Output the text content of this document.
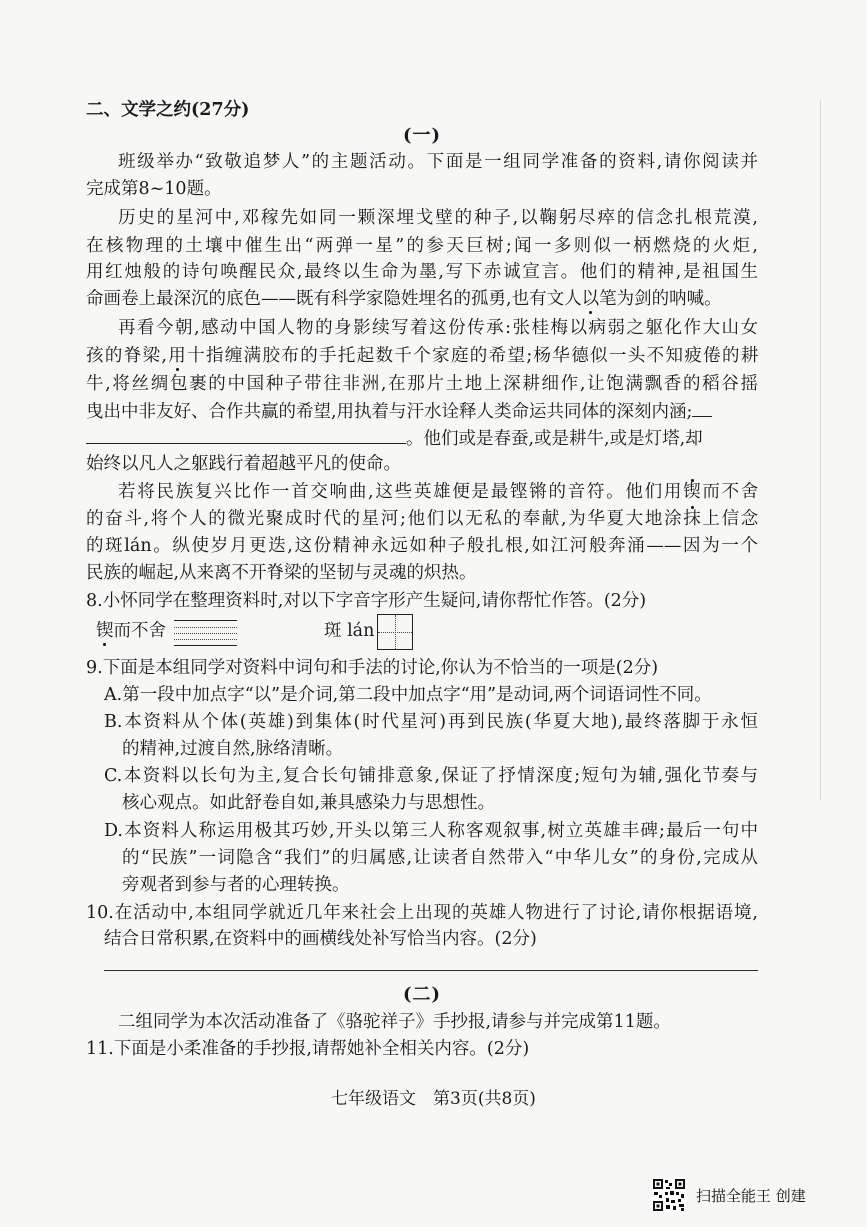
二、文学之约(27分)
(一)
班级举办“致敬追梦人”的主题活动。下面是一组同学准备的资料,请你阅读并
完成第8~10题。
历史的星河中,邓稼先如同一颗深埋戈壁的种子,以鞠躬尽瘁的信念扎根荒漠,
在核物理的土壤中催生出“两弹一星”的参天巨树;闻一多则似一柄燃烧的火炬,
用红烛般的诗句唤醒民众,最终以生命为墨,写下赤诚宣言。他们的精神,是祖国生
命画卷上最深沉的底色——既有科学家隐姓埋名的孤勇,也有文人以笔为剑的呐喊。
再看今朝,感动中国人物的身影续写着这份传承:张桂梅以病弱之躯化作大山女
孩的脊梁,用十指缠满胶布的手托起数千个家庭的希望;杨华德似一头不知疲倦的耕
牛,将丝绸包裹的中国种子带往非洲,在那片土地上深耕细作,让饱满飘香的稻谷摇
曳出中非友好、合作共赢的希望,用执着与汗水诠释人类命运共同体的深刻内涵;
。他们或是春蚕,或是耕牛,或是灯塔,却
始终以凡人之躯践行着超越平凡的使命。
若将民族复兴比作一首交响曲,这些英雄便是最铿锵的音符。他们用锲而不舍
的奋斗,将个人的微光聚成时代的星河;他们以无私的奉献,为华夏大地涂抹上信念
的斑lán。纵使岁月更迭,这份精神永远如种子般扎根,如江河般奔涌——因为一个
民族的崛起,从来离不开脊梁的坚韧与灵魂的炽热。
8.小怀同学在整理资料时,对以下字音字形产生疑问,请你帮忙作答。(2分)
锲而不舍	斑 lán
9.下面是本组同学对资料中词句和手法的讨论,你认为不恰当的一项是(2分)
A.第一段中加点字“以”是介词,第二段中加点字“用”是动词,两个词语词性不同。
B.本资料从个体(英雄)到集体(时代星河)再到民族(华夏大地),最终落脚于永恒
的精神,过渡自然,脉络清晰。
C.本资料以长句为主,复合长句铺排意象,保证了抒情深度;短句为辅,强化节奏与
核心观点。如此舒卷自如,兼具感染力与思想性。
D.本资料人称运用极其巧妙,开头以第三人称客观叙事,树立英雄丰碑;最后一句中
的“民族”一词隐含“我们”的归属感,让读者自然带入“中华儿女”的身份,完成从
旁观者到参与者的心理转换。
10.在活动中,本组同学就近几年来社会上出现的英雄人物进行了讨论,请你根据语境,
结合日常积累,在资料中的画横线处补写恰当内容。(2分)
(二)
二组同学为本次活动准备了《骆驼祥子》手抄报,请参与并完成第11题。
11.下面是小柔准备的手抄报,请帮她补全相关内容。(2分)
七年级语文　第3页(共8页)
扫描全能王 创建
